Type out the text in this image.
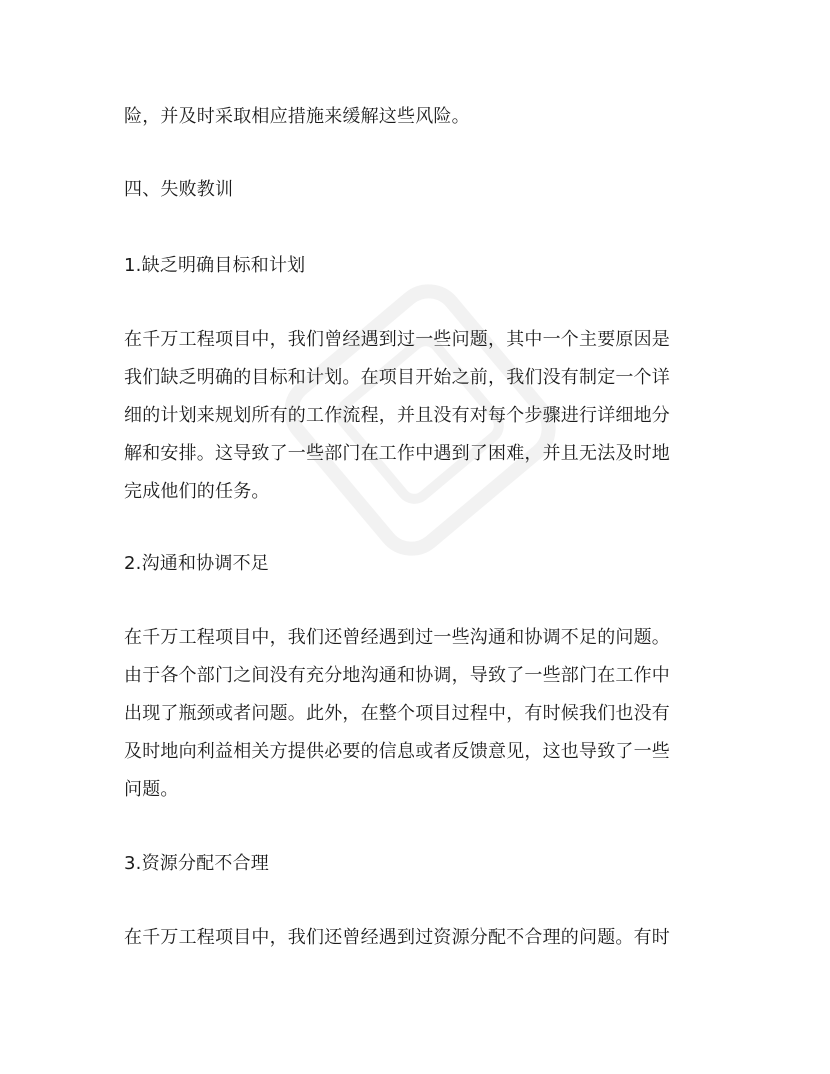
险，并及时采取相应措施来缓解这些风险。
四、失败教训
1.缺乏明确目标和计划
在千万工程项目中，我们曾经遇到过一些问题，其中一个主要原因是
我们缺乏明确的目标和计划。在项目开始之前，我们没有制定一个详
细的计划来规划所有的工作流程，并且没有对每个步骤进行详细地分
解和安排。这导致了一些部门在工作中遇到了困难，并且无法及时地
完成他们的任务。
2.沟通和协调不足
在千万工程项目中，我们还曾经遇到过一些沟通和协调不足的问题。
由于各个部门之间没有充分地沟通和协调，导致了一些部门在工作中
出现了瓶颈或者问题。此外，在整个项目过程中，有时候我们也没有
及时地向利益相关方提供必要的信息或者反馈意见，这也导致了一些
问题。
3.资源分配不合理
在千万工程项目中，我们还曾经遇到过资源分配不合理的问题。有时
